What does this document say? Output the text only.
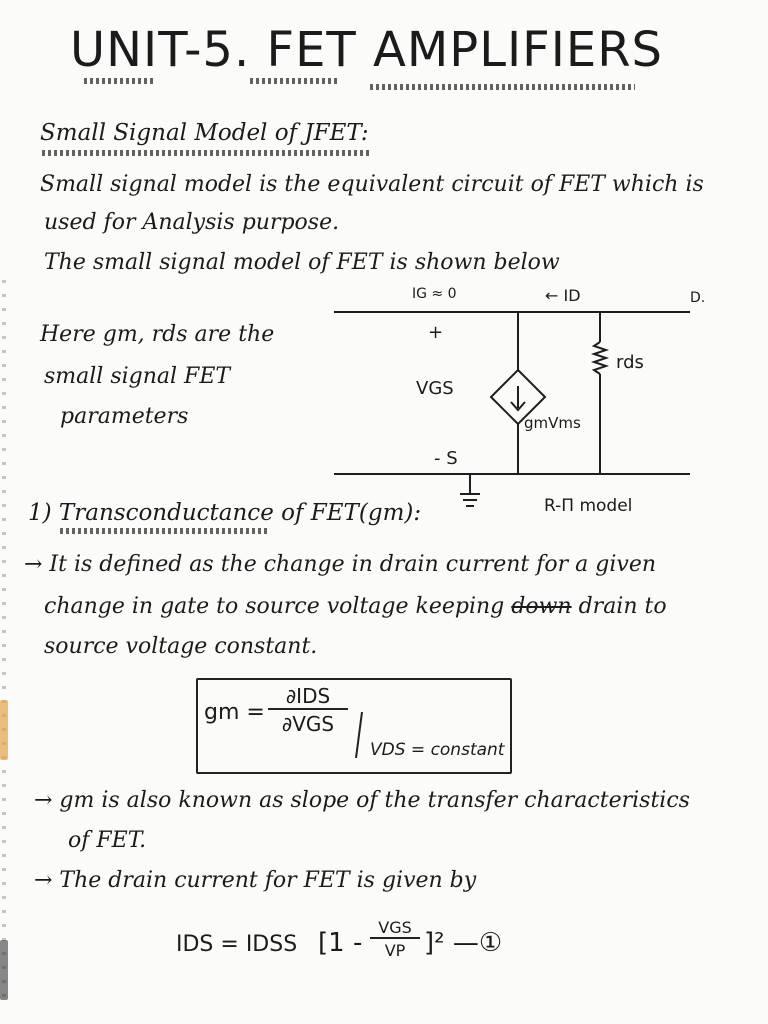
UNIT-5. FET AMPLIFIERS
Small Signal Model of JFET:
Small signal model is the equivalent circuit of FET which is
used for Analysis purpose.
The small signal model of FET is shown below
Here gm, rds are the
small signal FET
parameters
IG ≈ 0	← ID	D.
+
VGS
rds
gmVms
- S
R-Π model
1) Transconductance of FET(gm):
→ It is defined as the change in drain current for a given
change in gate to source voltage keeping down drain to
source voltage constant.
gm =
∂IDS
∂VGS
VDS = constant
→ gm is also known as slope of the transfer characteristics
of FET.
→ The drain current for FET is given by
IDS = IDSS [1 -
VGS
VP ]² —①
